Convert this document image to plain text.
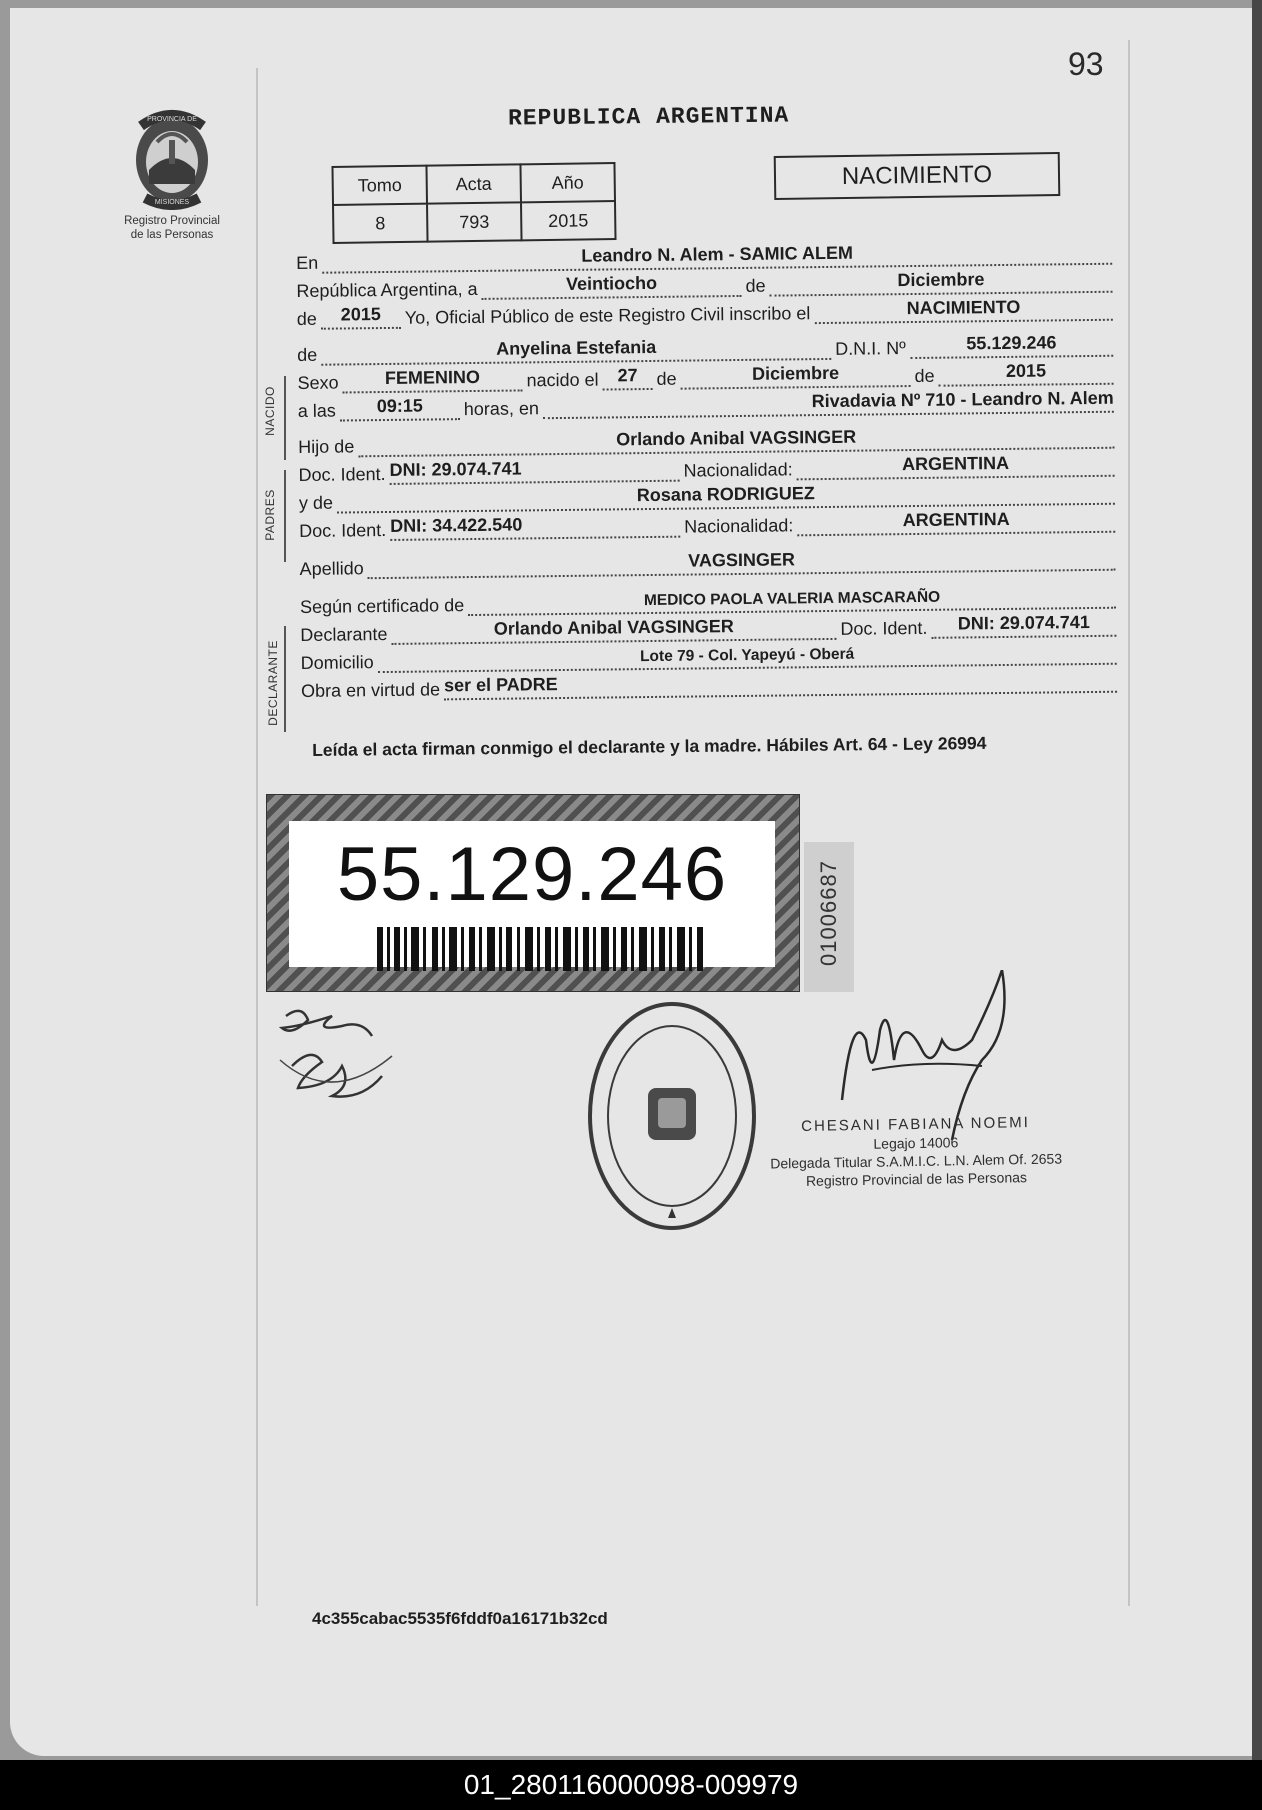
93
PROVINCIA DE
MISIONES
Registro Provincial
de las Personas
REPUBLICA ARGENTINA
Tomo	Acta	Año
8	793	2015
NACIMIENTO
NACIDO
PADRES
DECLARANTE
En	Leandro N. Alem - SAMIC ALEM
República Argentina, a	Veintiocho	de	Diciembre
de	2015	Yo, Oficial Público de este Registro Civil inscribo el	NACIMIENTO
de	Anyelina Estefania	D.N.I. Nº	55.129.246
Sexo	FEMENINO	nacido el	27	de	Diciembre	de	2015
a las	09:15	horas, en	Rivadavia Nº 710 - Leandro N. Alem
Hijo de	Orlando Anibal VAGSINGER
Doc. Ident. DNI: 29.074.741	Nacionalidad:	ARGENTINA
y de	Rosana RODRIGUEZ
Doc. Ident. DNI: 34.422.540	Nacionalidad:	ARGENTINA
Apellido	VAGSINGER
Según certificado de	MEDICO PAOLA VALERIA MASCARAÑO
Declarante	Orlando Anibal VAGSINGER	Doc. Ident.	DNI: 29.074.741
Domicilio	Lote 79 - Col. Yapeyú - Oberá
Obra en virtud de ser el PADRE
Leída el acta firman conmigo el declarante y la madre. Hábiles Art. 64 - Ley 26994
55.129.246	01006687
CHESANI FABIANA NOEMI
Legajo 14006
Delegada Titular S.A.M.I.C. L.N. Alem Of. 2653
Registro Provincial de las Personas
4c355cabac5535f6fddf0a16171b32cd
01_280116000098-009979
